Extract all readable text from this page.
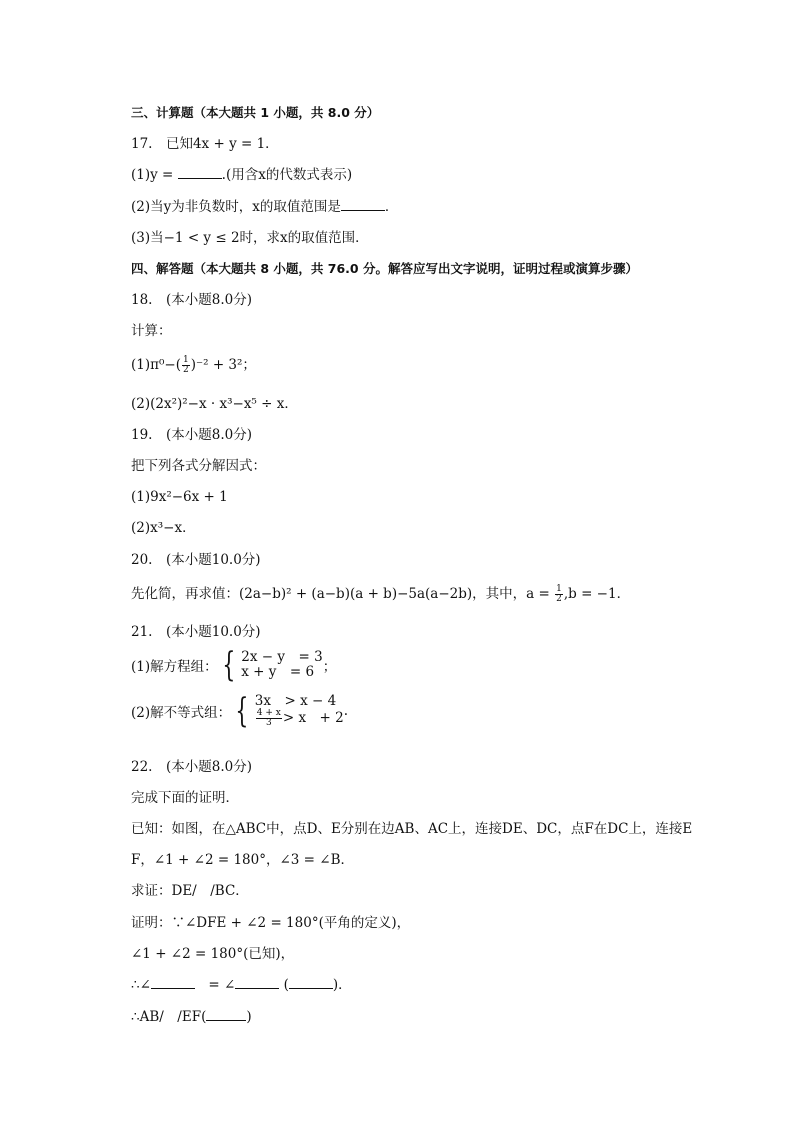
三、计算题（本大题共 1 小题，共 8.0 分）
17.　已知4x + y = 1．
(1)y =	.(用含x的代数式表示)
(2)当y为非负数时，x的取值范围是	．
(3)当−1 < y ≤ 2时，求x的取值范围．
四、解答题（本大题共 8 小题，共 76.0 分。解答应写出文字说明，证明过程或演算步骤）
18.　(本小题8.0分)
计算：
$(1)\pi^0-( \frac{1}{2} )^{-2} + 3^2$；
(2)(2x²)²−x · x³−x⁵ ÷ x．
19.　(本小题8.0分)
把下列各式分解因式：
(1)9x²−6x + 1
(2)x³−x．
20.　(本小题10.0分)
先化简，再求值：(2a−b)² + (a−b)(a + b)−5a(a−2b)，其中，$a = \frac{1}{2} ,b = -1$．
21.　(本小题10.0分)
(1)解方程组： { 2x − y　= 3
x + y　= 6 ；
(2)解不等式组： { 3x　> x − 4
$\frac{4 + x}{3} > x$　+ 2 .
22.　(本小题8.0分)
完成下面的证明．
已知：如图，在△ABC中，点D、E分别在边AB、AC上，连接DE、DC，点F在DC上，连接E
F，∠1 + ∠2 = 180°，∠3 = ∠B．
求证：DE/　/BC．
证明：∵∠DFE + ∠2 = 180°(平角的定义)，
∠1 + ∠2 = 180°(已知)，
∴∠	　= ∠	(	)．
∴AB/　/EF(	)
